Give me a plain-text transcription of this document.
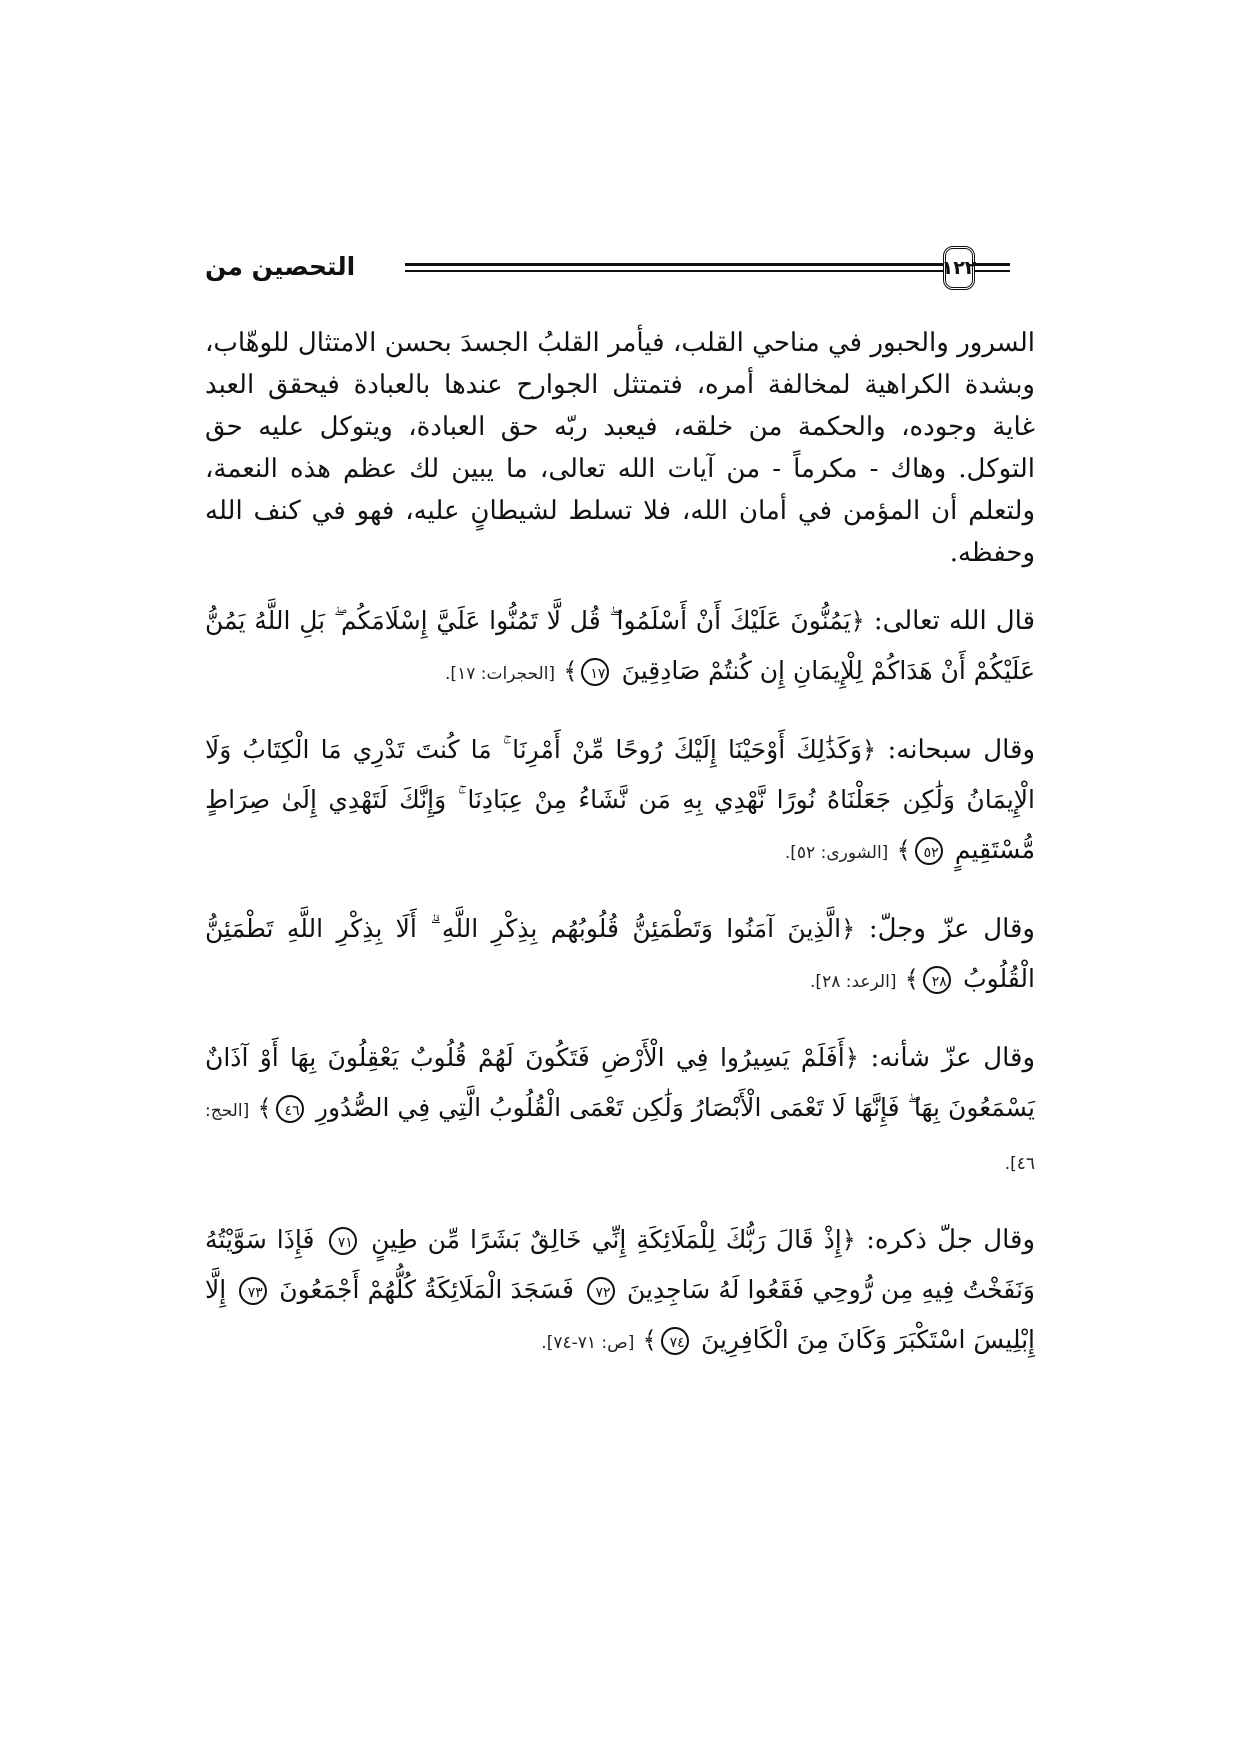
التحصين من	١٢٢

السرور والحبور في مناحي القلب، فيأمر القلبُ الجسدَ بحسن الامتثال للوهّاب، وبشدة الكراهية لمخالفة أمره، فتمتثل الجوارح عندها بالعبادة فيحقق العبد غاية وجوده، والحكمة من خلقه، فيعبد ربّه حق العبادة، ويتوكل عليه حق التوكل. وهاك - مكرماً - من آيات الله تعالى، ما يبين لك عظم هذه النعمة، ولتعلم أن المؤمن في أمان الله، فلا تسلط لشيطانٍ عليه، فهو في كنف الله وحفظه.

قال الله تعالى: ﴿يَمُنُّونَ عَلَيْكَ أَنْ أَسْلَمُوا ۖ قُل لَّا تَمُنُّوا عَلَيَّ إِسْلَامَكُم ۖ بَلِ اللَّهُ يَمُنُّ عَلَيْكُمْ أَنْ هَدَاكُمْ لِلْإِيمَانِ إِن كُنتُمْ صَادِقِينَ ١٧﴾ [الحجرات: ١٧].
وقال سبحانه: ﴿وَكَذَٰلِكَ أَوْحَيْنَا إِلَيْكَ رُوحًا مِّنْ أَمْرِنَا ۚ مَا كُنتَ تَدْرِي مَا الْكِتَابُ وَلَا الْإِيمَانُ وَلَٰكِن جَعَلْنَاهُ نُورًا نَّهْدِي بِهِ مَن نَّشَاءُ مِنْ عِبَادِنَا ۚ وَإِنَّكَ لَتَهْدِي إِلَىٰ صِرَاطٍ مُّسْتَقِيمٍ ٥٢﴾ [الشورى: ٥٢].
وقال عزّ وجلّ: ﴿الَّذِينَ آمَنُوا وَتَطْمَئِنُّ قُلُوبُهُم بِذِكْرِ اللَّهِ ۗ أَلَا بِذِكْرِ اللَّهِ تَطْمَئِنُّ الْقُلُوبُ ٢٨﴾ [الرعد: ٢٨].
وقال عزّ شأنه: ﴿أَفَلَمْ يَسِيرُوا فِي الْأَرْضِ فَتَكُونَ لَهُمْ قُلُوبٌ يَعْقِلُونَ بِهَا أَوْ آذَانٌ يَسْمَعُونَ بِهَا ۖ فَإِنَّهَا لَا تَعْمَى الْأَبْصَارُ وَلَٰكِن تَعْمَى الْقُلُوبُ الَّتِي فِي الصُّدُورِ ٤٦﴾ [الحج: ٤٦].
وقال جلّ ذكره: ﴿إِذْ قَالَ رَبُّكَ لِلْمَلَائِكَةِ إِنِّي خَالِقٌ بَشَرًا مِّن طِينٍ ٧١ فَإِذَا سَوَّيْتُهُ وَنَفَخْتُ فِيهِ مِن رُّوحِي فَقَعُوا لَهُ سَاجِدِينَ ٧٢ فَسَجَدَ الْمَلَائِكَةُ كُلُّهُمْ أَجْمَعُونَ ٧٣ إِلَّا إِبْلِيسَ اسْتَكْبَرَ وَكَانَ مِنَ الْكَافِرِينَ ٧٤﴾ [ص: ٧١-٧٤].
